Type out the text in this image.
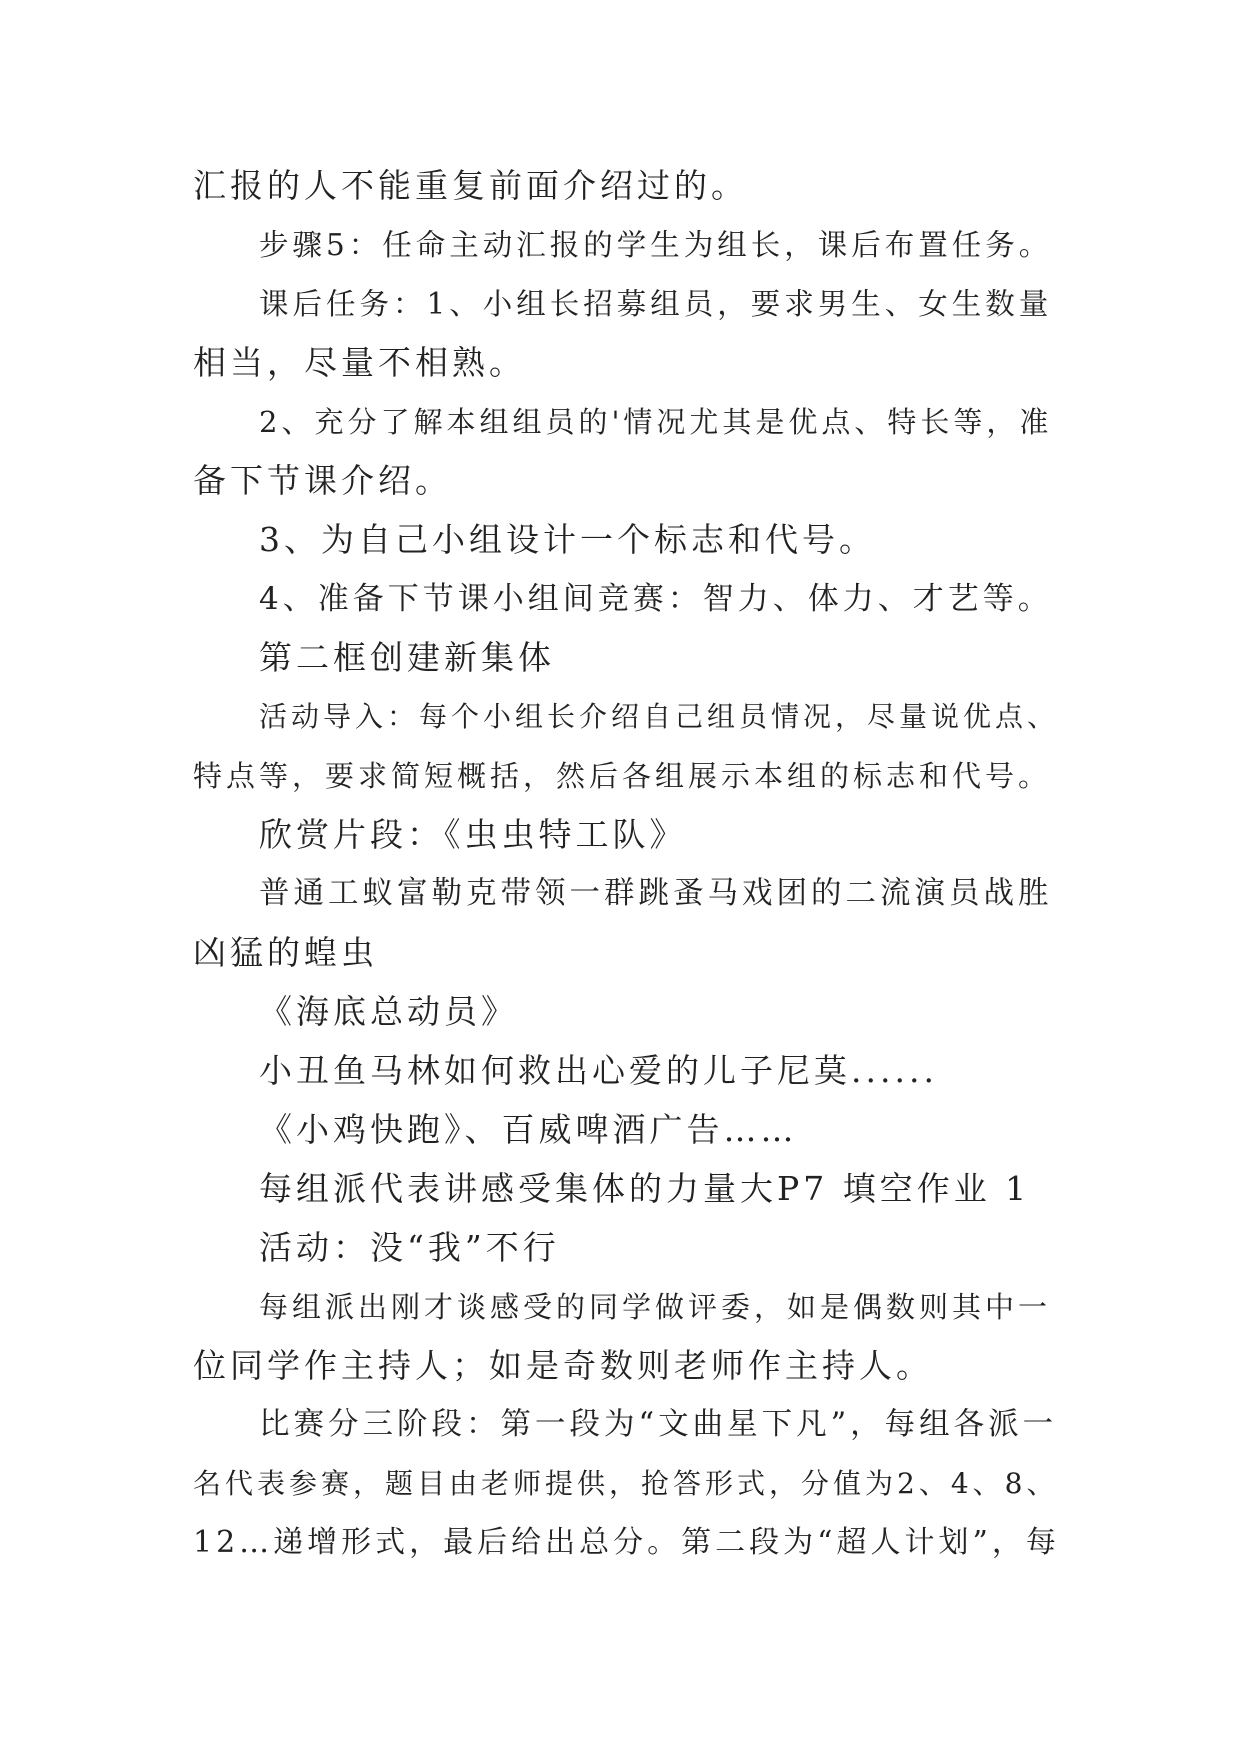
汇报的人不能重复前面介绍过的。

步骤5：任命主动汇报的学生为组长，课后布置任务。

课后任务：1、小组长招募组员，要求男生、女生数量

相当，尽量不相熟。

2、充分了解本组组员的'情况尤其是优点、特长等，准

备下节课介绍。

3、为自己小组设计一个标志和代号。

4、准备下节课小组间竞赛：智力、体力、才艺等。

第二框创建新集体

活动导入：每个小组长介绍自己组员情况，尽量说优点、

特点等，要求简短概括，然后各组展示本组的标志和代号。

欣赏片段：《虫虫特工队》

普通工蚁富勒克带领一群跳蚤马戏团的二流演员战胜

凶猛的蝗虫

《海底总动员》

小丑鱼马林如何救出心爱的儿子尼莫......

《小鸡快跑》、百威啤酒广告……

每组派代表讲感受集体的力量大P7 填空作业 1

活动：没“我”不行

每组派出刚才谈感受的同学做评委，如是偶数则其中一

位同学作主持人；如是奇数则老师作主持人。

比赛分三阶段：第一段为“文曲星下凡”，每组各派一

名代表参赛，题目由老师提供，抢答形式，分值为2、4、8、

12…递增形式，最后给出总分。第二段为“超人计划”，每
